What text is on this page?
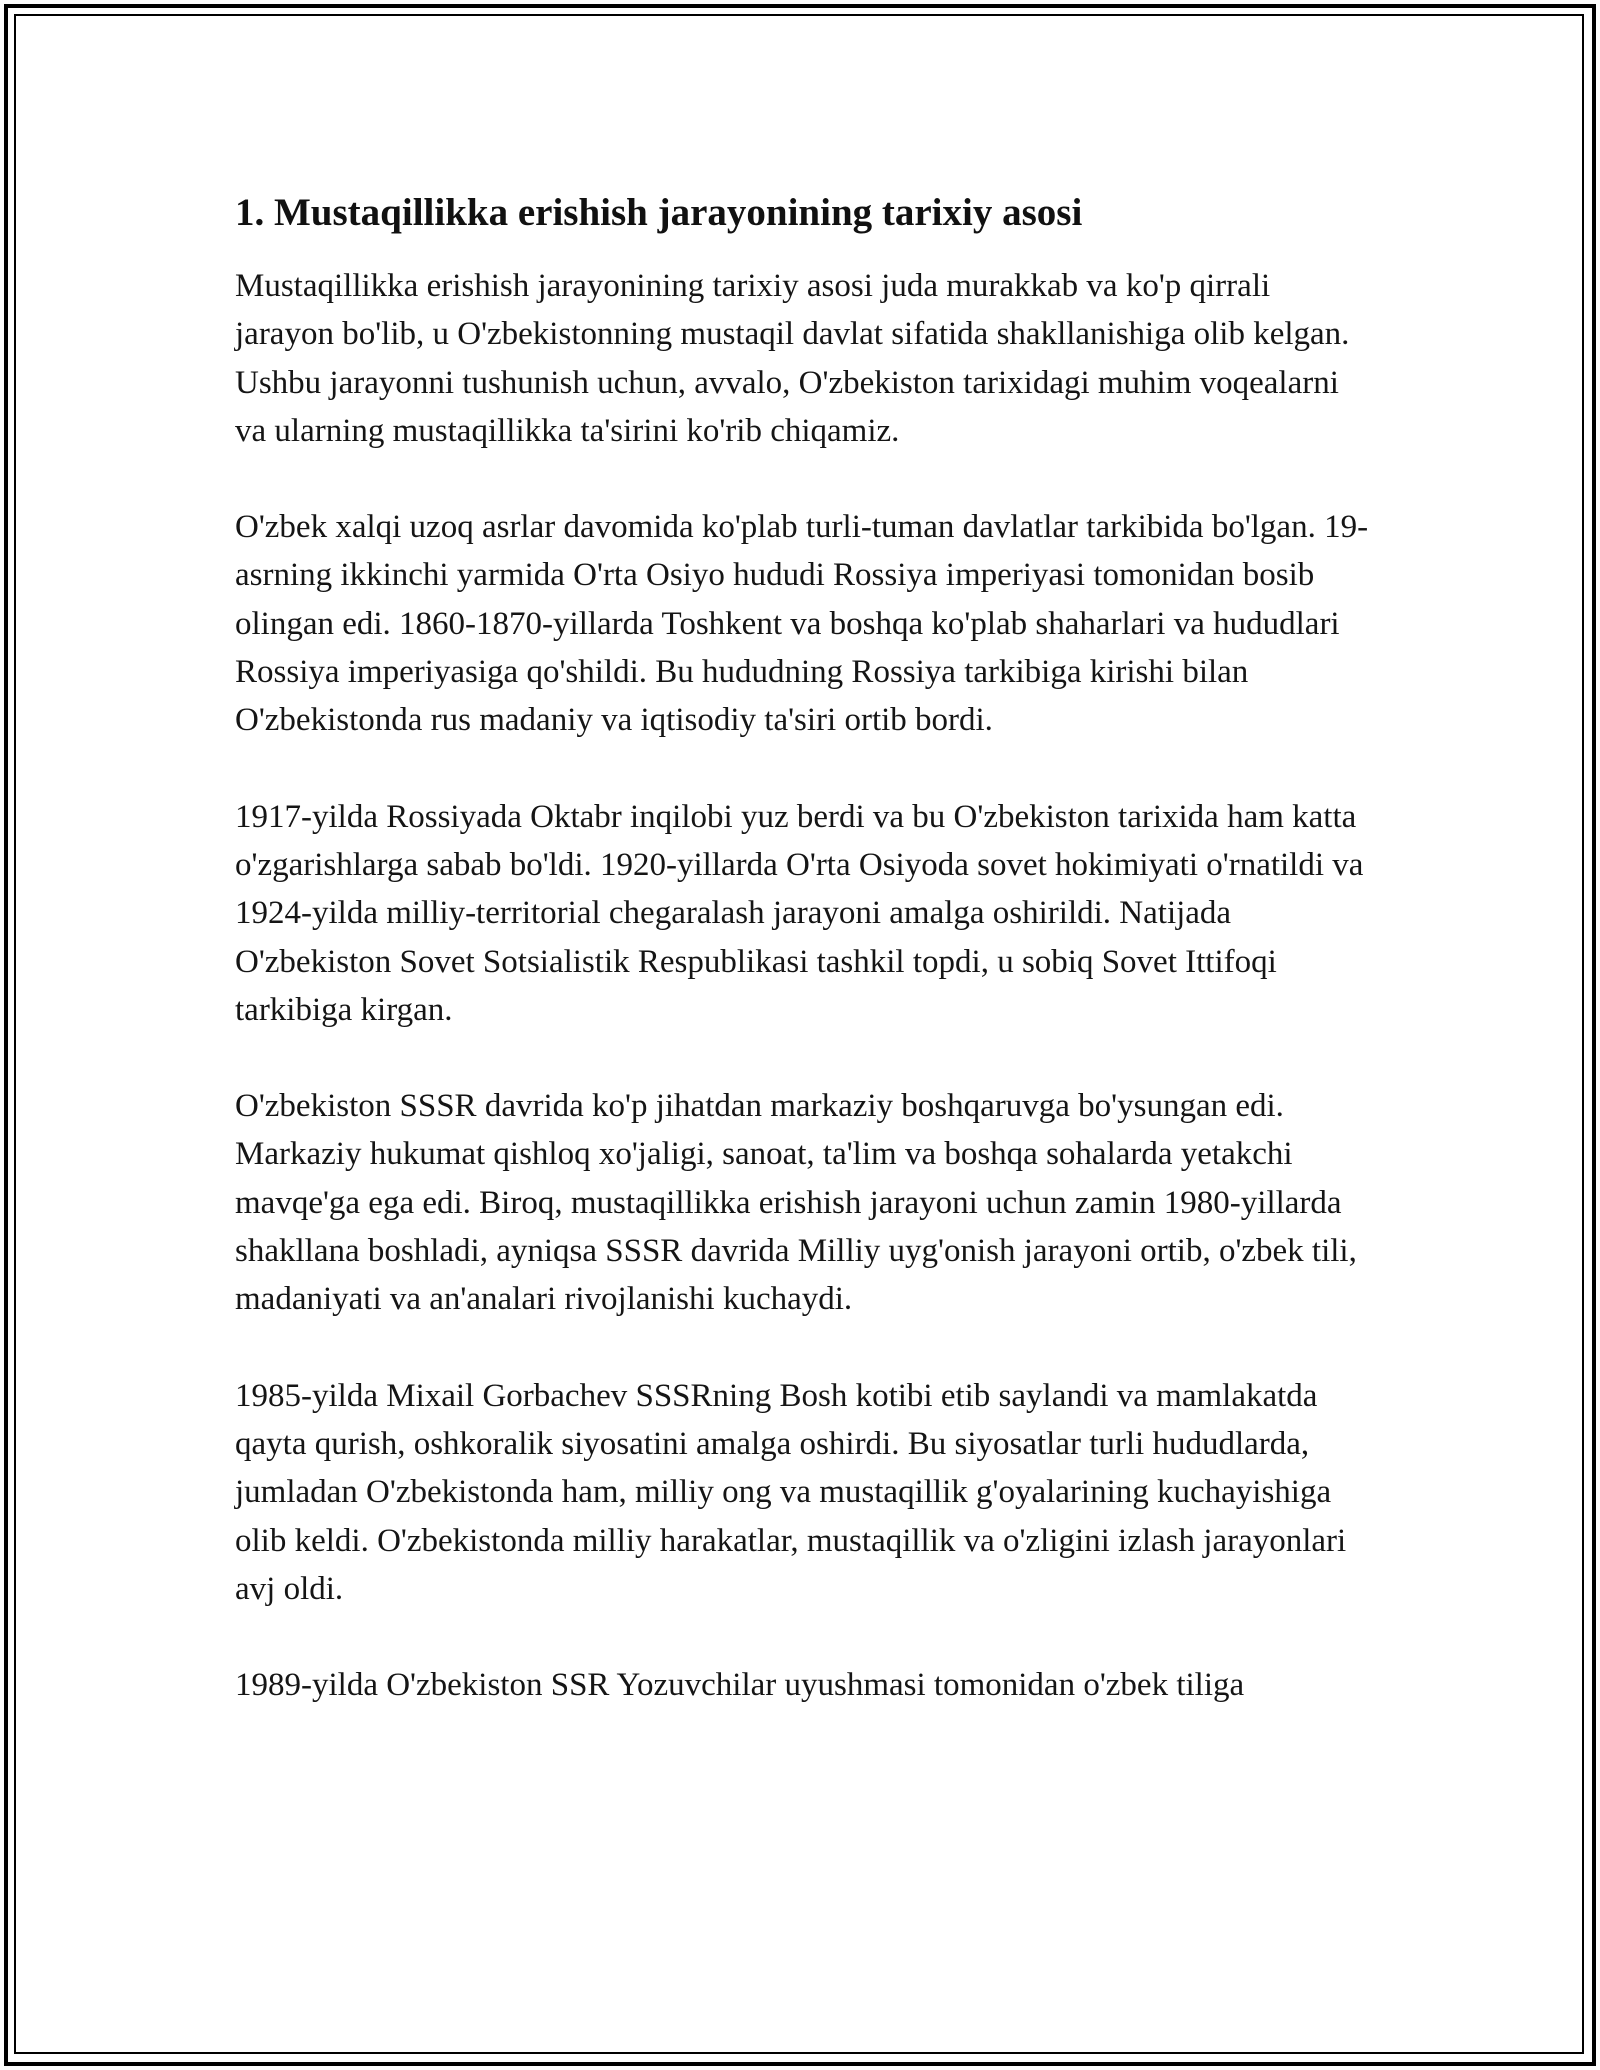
1. Mustaqillikka erishish jarayonining tarixiy asosi

Mustaqillikka erishish jarayonining tarixiy asosi juda murakkab va ko'p qirrali jarayon bo'lib, u O'zbekistonning mustaqil davlat sifatida shakllanishiga olib kelgan. Ushbu jarayonni tushunish uchun, avvalo, O'zbekiston tarixidagi muhim voqealarni va ularning mustaqillikka ta'sirini ko'rib chiqamiz.

O'zbek xalqi uzoq asrlar davomida ko'plab turli-tuman davlatlar tarkibida bo'lgan. 19-asrning ikkinchi yarmida O'rta Osiyo hududi Rossiya imperiyasi tomonidan bosib olingan edi. 1860-1870-yillarda Toshkent va boshqa ko'plab shaharlari va hududlari Rossiya imperiyasiga qo'shildi. Bu hududning Rossiya tarkibiga kirishi bilan O'zbekistonda rus madaniy va iqtisodiy ta'siri ortib bordi.

1917-yilda Rossiyada Oktabr inqilobi yuz berdi va bu O'zbekiston tarixida ham katta o'zgarishlarga sabab bo'ldi. 1920-yillarda O'rta Osiyoda sovet hokimiyati o'rnatildi va 1924-yilda milliy-territorial chegaralash jarayoni amalga oshirildi. Natijada O'zbekiston Sovet Sotsialistik Respublikasi tashkil topdi, u sobiq Sovet Ittifoqi tarkibiga kirgan.

O'zbekiston SSSR davrida ko'p jihatdan markaziy boshqaruvga bo'ysungan edi. Markaziy hukumat qishloq xo'jaligi, sanoat, ta'lim va boshqa sohalarda yetakchi mavqe'ga ega edi. Biroq, mustaqillikka erishish jarayoni uchun zamin 1980-yillarda shakllana boshladi, ayniqsa SSSR davrida Milliy uyg'onish jarayoni ortib, o'zbek tili, madaniyati va an'analari rivojlanishi kuchaydi.

1985-yilda Mixail Gorbachev SSSRning Bosh kotibi etib saylandi va mamlakatda qayta qurish, oshkoralik siyosatini amalga oshirdi. Bu siyosatlar turli hududlarda, jumladan O'zbekistonda ham, milliy ong va mustaqillik g'oyalarining kuchayishiga olib keldi. O'zbekistonda milliy harakatlar, mustaqillik va o'zligini izlash jarayonlari avj oldi.

1989-yilda O'zbekiston SSR Yozuvchilar uyushmasi tomonidan o'zbek tiliga
